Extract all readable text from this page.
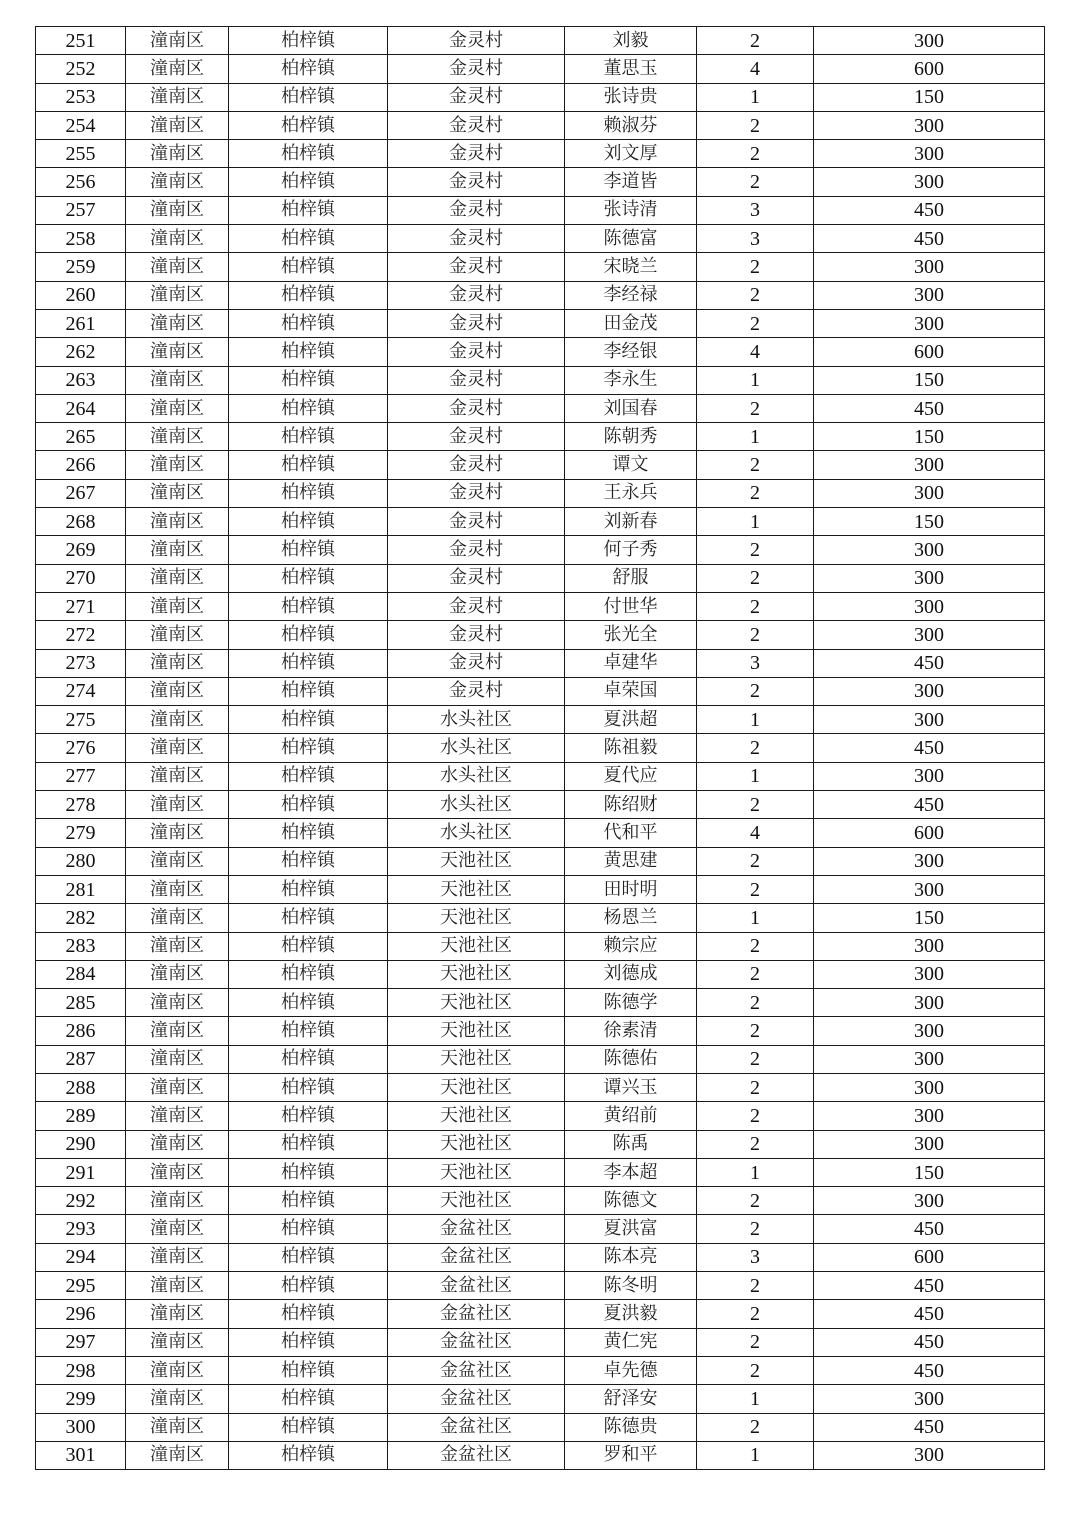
251	潼南区	柏梓镇	金灵村	刘毅	2	300
252	潼南区	柏梓镇	金灵村	董思玉	4	600
253	潼南区	柏梓镇	金灵村	张诗贵	1	150
254	潼南区	柏梓镇	金灵村	赖淑芬	2	300
255	潼南区	柏梓镇	金灵村	刘文厚	2	300
256	潼南区	柏梓镇	金灵村	李道皆	2	300
257	潼南区	柏梓镇	金灵村	张诗清	3	450
258	潼南区	柏梓镇	金灵村	陈德富	3	450
259	潼南区	柏梓镇	金灵村	宋晓兰	2	300
260	潼南区	柏梓镇	金灵村	李经禄	2	300
261	潼南区	柏梓镇	金灵村	田金茂	2	300
262	潼南区	柏梓镇	金灵村	李经银	4	600
263	潼南区	柏梓镇	金灵村	李永生	1	150
264	潼南区	柏梓镇	金灵村	刘国春	2	450
265	潼南区	柏梓镇	金灵村	陈朝秀	1	150
266	潼南区	柏梓镇	金灵村	谭文	2	300
267	潼南区	柏梓镇	金灵村	王永兵	2	300
268	潼南区	柏梓镇	金灵村	刘新春	1	150
269	潼南区	柏梓镇	金灵村	何子秀	2	300
270	潼南区	柏梓镇	金灵村	舒服	2	300
271	潼南区	柏梓镇	金灵村	付世华	2	300
272	潼南区	柏梓镇	金灵村	张光全	2	300
273	潼南区	柏梓镇	金灵村	卓建华	3	450
274	潼南区	柏梓镇	金灵村	卓荣国	2	300
275	潼南区	柏梓镇	水头社区	夏洪超	1	300
276	潼南区	柏梓镇	水头社区	陈祖毅	2	450
277	潼南区	柏梓镇	水头社区	夏代应	1	300
278	潼南区	柏梓镇	水头社区	陈绍财	2	450
279	潼南区	柏梓镇	水头社区	代和平	4	600
280	潼南区	柏梓镇	天池社区	黄思建	2	300
281	潼南区	柏梓镇	天池社区	田时明	2	300
282	潼南区	柏梓镇	天池社区	杨恩兰	1	150
283	潼南区	柏梓镇	天池社区	赖宗应	2	300
284	潼南区	柏梓镇	天池社区	刘德成	2	300
285	潼南区	柏梓镇	天池社区	陈德学	2	300
286	潼南区	柏梓镇	天池社区	徐素清	2	300
287	潼南区	柏梓镇	天池社区	陈德佑	2	300
288	潼南区	柏梓镇	天池社区	谭兴玉	2	300
289	潼南区	柏梓镇	天池社区	黄绍前	2	300
290	潼南区	柏梓镇	天池社区	陈禹	2	300
291	潼南区	柏梓镇	天池社区	李本超	1	150
292	潼南区	柏梓镇	天池社区	陈德文	2	300
293	潼南区	柏梓镇	金盆社区	夏洪富	2	450
294	潼南区	柏梓镇	金盆社区	陈本亮	3	600
295	潼南区	柏梓镇	金盆社区	陈冬明	2	450
296	潼南区	柏梓镇	金盆社区	夏洪毅	2	450
297	潼南区	柏梓镇	金盆社区	黄仁宪	2	450
298	潼南区	柏梓镇	金盆社区	卓先德	2	450
299	潼南区	柏梓镇	金盆社区	舒泽安	1	300
300	潼南区	柏梓镇	金盆社区	陈德贵	2	450
301	潼南区	柏梓镇	金盆社区	罗和平	1	300
